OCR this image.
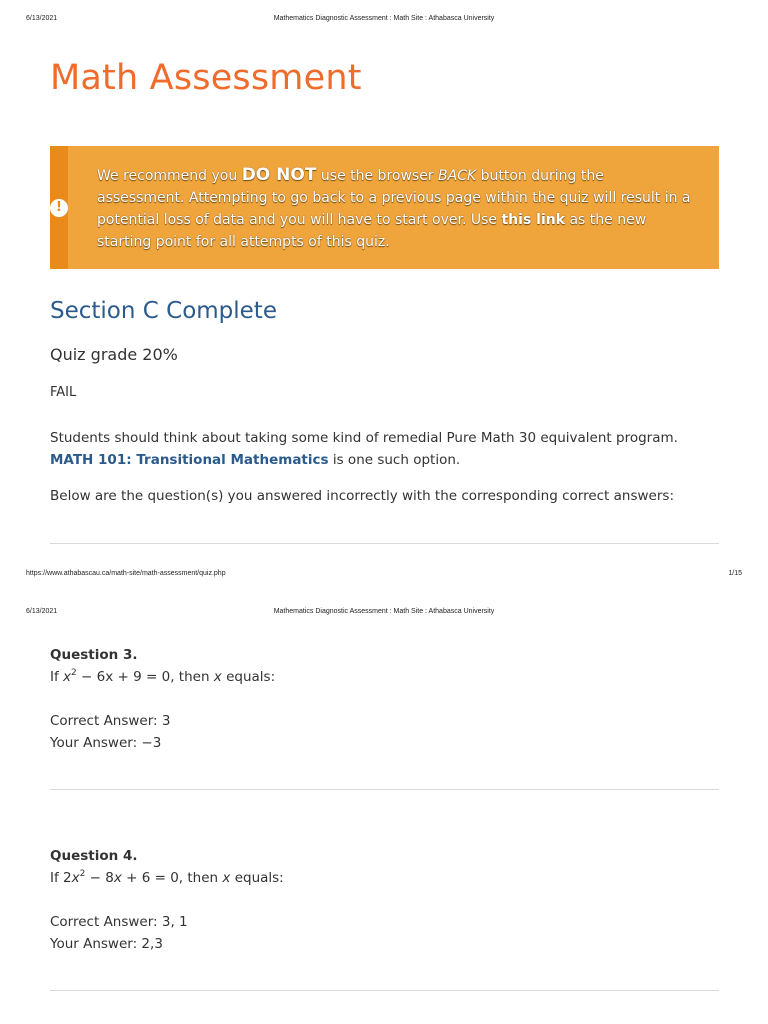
6/13/2021	Mathematics Diagnostic Assessment : Math Site : Athabasca University
Math Assessment
!
We recommend you DO NOT use the browser BACK button during the assessment. Attempting to go back to a previous page within the quiz will result in a potential loss of data and you will have to start over. Use this link as the new starting point for all attempts of this quiz.
Section C Complete
Quiz grade 20%
FAIL
Students should think about taking some kind of remedial Pure Math 30 equivalent program.
MATH 101: Transitional Mathematics is one such option.
Below are the question(s) you answered incorrectly with the corresponding correct answers:
https://www.athabascau.ca/math-site/math-assessment/quiz.php	1/15
6/13/2021	Mathematics Diagnostic Assessment : Math Site : Athabasca University
Question 3.
If $x^2 - 6x + 9 = 0$, then x equals:
Correct Answer: 3
Your Answer: −3
Question 4.
If $2x^2 - 8x + 6 = 0$, then x equals:
Correct Answer: 3, 1
Your Answer: 2,3
